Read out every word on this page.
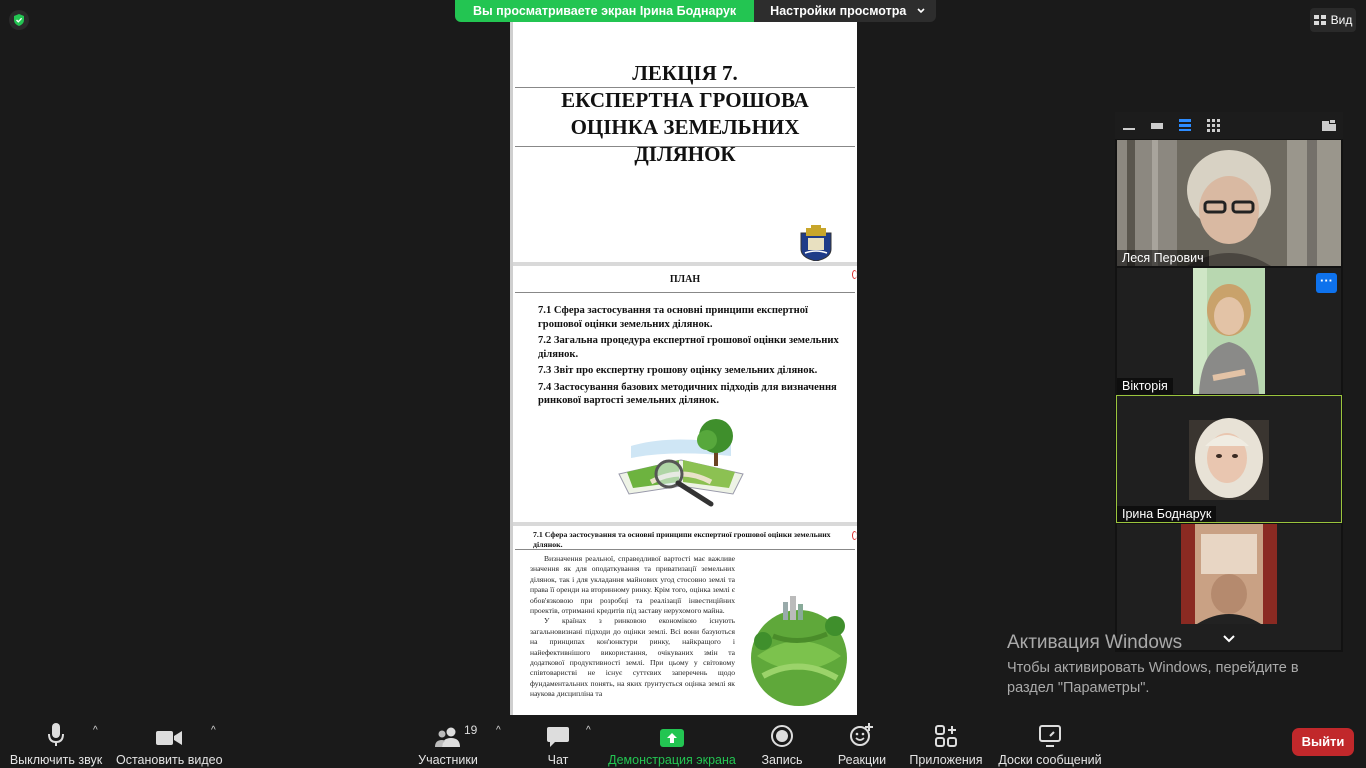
Вы просматриваете экран Ірина Боднарук	Настройки просмотра
Вид
ЛЕКЦІЯ 7.
ЕКСПЕРТНА ГРОШОВА
ОЦІНКА ЗЕМЕЛЬНИХ
ДІЛЯНОК
ПЛАН
7.1 Сфера застосування та основні принципи експертної грошової оцінки земельних ділянок.
7.2 Загальна процедура експертної грошової оцінки земельних ділянок.
7.3 Звіт про експертну грошову оцінку земельних ділянок.
7.4 Застосування базових методичних підходів для визначення ринкової вартості земельних ділянок.
7.1 Сфера застосування та основні принципи експертної грошової оцінки земельних ділянок.

Визначення реальної, справедливої вартості має важливе значення як для оподаткування та приватизації земельних ділянок, так і для укладання майнових угод стосовно землі та права її оренди на вторинному ринку. Крім того, оцінка землі є обов'язковою при розробці та реалізації інвестиційних проектів, отриманні кредитів під заставу нерухомого майна.

У країнах з ринковою економікою існують загальновизнані підходи до оцінки землі. Всі вони базуються на принципах кон'юнктури ринку, найкращого і найефективнішого використання, очікуваних змін та додаткової продуктивності землі. При цьому у світовому співтоваристві не існує суттєвих заперечень щодо фундаментальних понять, на яких ґрунтується оцінка землі як наукова дисципліна та

Леся Перович
Вікторія
···
Ірина Боднарук
Активация Windows
Чтобы активировать Windows, перейдите в раздел "Параметры".
Выключить звук
^
Остановить видео
^
Участники
19 ^
Чат
^
Демонстрация экрана	Запись	Реакции	Приложения Доски сообщений
Выйти
